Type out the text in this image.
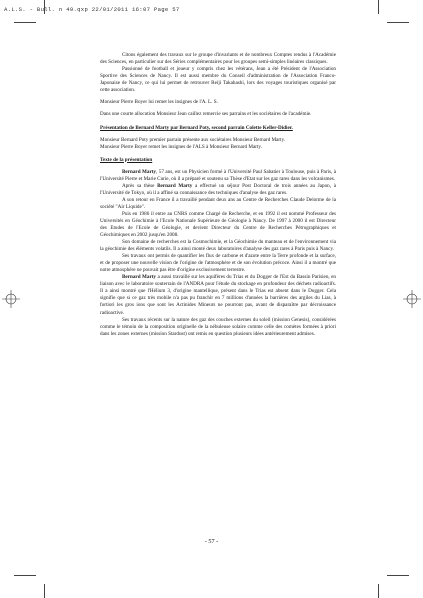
A.L.S. - Bull. n 49.qxp 22/01/2011 16:07 Page 57

Citons également des travaux sur le groupe d'invariants et de nombreux Comptes rendus à l'Académie des Sciences, en particulier sur des Séries complémentaires pour les groupes semi-simples linéaires classiques.

Passionné de football et joueur y compris chez les vétérans, Jean a été Président de l'Association Sportive des Sciences de Nancy. Il est aussi membre du Conseil d'administration de l'Association Franco-Japonaise de Nancy, ce qui lui permet de retrouver Reiji Takahashi, lors des voyages touristiques organisé par cette association.

Monsieur Pierre Boyer lui remet les insignes de l'A. L. S.

Dans une courte allocution Monsieur Jean caillez remercie ses parrains et les sociétaires de l'académie.

Présentation de Bernard Marty par Bernard Poty, second parrain Colette Keller-Didier.

Monsieur Bernard Poty premier parrain présente aux sociétaires Monsieur Bernard Marty.

Monsieur Pierre Boyer remet les insignes de l'ALS à Monsieur Bernard Marty.

Texte de la présentation

Bernard Marty, 57 ans, est un Physicien formé à l'Université Paul Sabatier à Toulouse, puis à Paris, à l'Université Pierre et Marie Curie, où il a préparé et soutenu sa Thèse d'Etat sur les gaz rares dans les volcanismes.

Après sa thèse Bernard Marty a effectué un séjour Post Doctoral de trois années au Japon, à l'Université de Tokyo, où il a affiné sa connaissance des techniques d'analyse des gaz rares.

A son retour en France il a travaillé pendant deux ans au Centre de Recherches Claude Delorme de la société "Air Liquide".

Puis en 1986 il entre au CNRS comme Chargé de Recherche, et en 1992 il est nommé Professeur des Universités en Géochimie à l'Ecole Nationale Supérieure de Géologie à Nancy. De 1997 à 2000 il est Directeur des Etudes de l'Ecole de Géologie, et devient Directeur du Centre de Recherches Pétrographiques et Géochimiques en 2002 jusqu'en 2008.

Son domaine de recherches est la Cosmochimie, et la Géochimie du manteau et de l'environnement via la géochimie des éléments volatils. Il a ainsi monté deux laboratoires d'analyse des gaz rares à Paris puis à Nancy.

Ses travaux ont permis de quantifier les flux de carbone et d'azote entre la Terre profonde et la surface, et de proposer une nouvelle vision de l'origine de l'atmosphère et de son évolution précoce. Ainsi il a montré que notre atmosphère ne pouvait pas être d'origine exclusivement terrestre.

Bernard Marty a aussi travaillé sur les aquifères du Trias et du Dogger de l'Est du Bassin Parisien, en liaison avec le laboratoire souterrain de l'ANDRA pour l'étude du stockage en profondeur des déchets radioactifs. Il a ainsi montré que l'Hélium 3, d'origine mantellique, présent dans le Trias est absent dans le Dogger. Cela signifie que si ce gaz très mobile n'a pas pu franchir en 7 millions d'années la barrières des argiles du Lias, à fortiori les gros ions que sont les Actinides Mineurs ne pourront pas, avant de disparaître par décroissance radioactive.

Ses travaux récents sur la nature des gaz des couches externes du soleil (mission Genesis), considérées comme le témoin de la composition originelle de la nébuleuse solaire comme celle des comètes formées à priori dans les zones externes (mission Stardust) ont remis en question plusieurs idées antérieurement admises.

- 57 -
